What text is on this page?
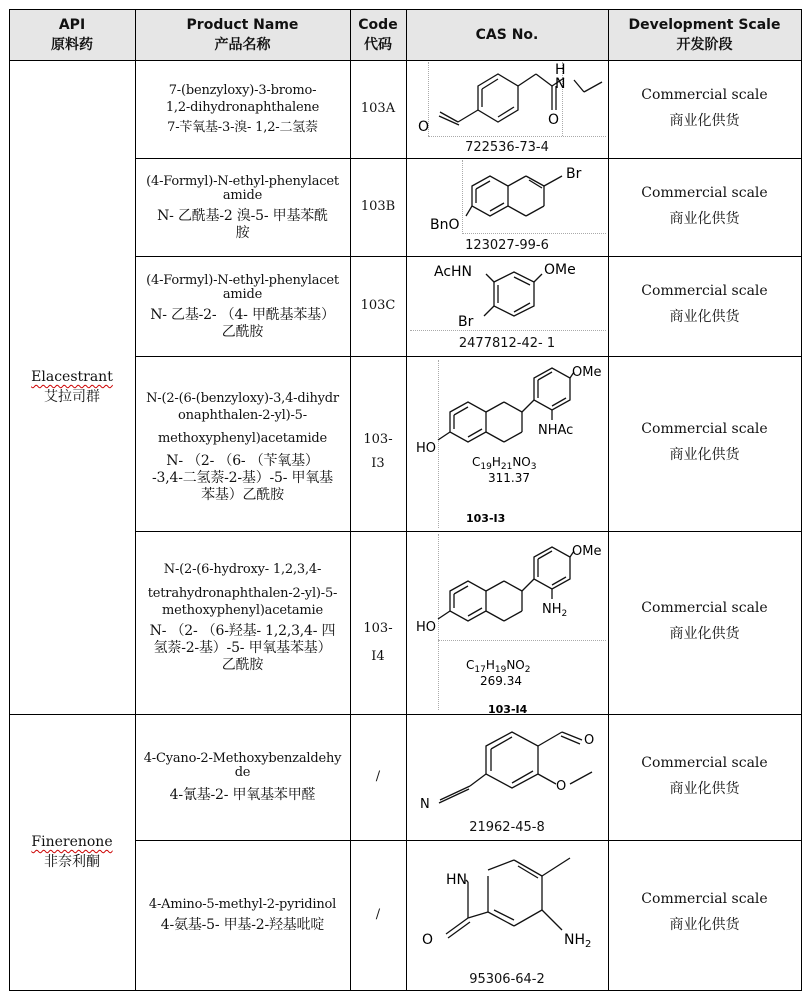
API
原料药
Product Name
产品名称
Code
代码
CAS No.
Development Scale
开发阶段
Elacestrant
艾拉司群
Finerenone
非奈利酮
7-(benzyloxy)-3-bromo-
1,2-dihydronaphthalene
7-苄氧基-3-溴- 1,2-二氢萘
103A
Commercial scale
商业化供货
(4-Formyl)-N-ethyl-phenylacet
amide
N- 乙酰基-2 溴-5- 甲基苯酰
胺
103B
Commercial scale
商业化供货
(4-Formyl)-N-ethyl-phenylacet
amide
N- 乙基-2- （4- 甲酰基苯基）
乙酰胺
103C
Commercial scale
商业化供货
N-(2-(6-(benzyloxy)-3,4-dihydr
onaphthalen-2-yl)-5-
methoxyphenyl)acetamide
N- （2- （6- （苄氧基）
-3,4-二氢萘-2-基）-5- 甲氧基
苯基）乙酰胺
103-
I3
Commercial scale
商业化供货
N-(2-(6-hydroxy- 1,2,3,4-
tetrahydronaphthalen-2-yl)-5-
methoxyphenyl)acetamie
N- （2- （6-羟基- 1,2,3,4- 四
氢萘-2-基）-5- 甲氧基苯基）
乙酰胺
103-
I4
Commercial scale
商业化供货
4-Cyano-2-Methoxybenzaldehy
de
4-氰基-2- 甲氧基苯甲醛
/
Commercial scale
商业化供货
4-Amino-5-methyl-2-pyridinol
4-氨基-5- 甲基-2-羟基吡啶
/
Commercial scale
商业化供货
722536-73-4
123027-99-6
2477812-42- 1
21962-45-8
95306-64-2
O
H
N
O
Br
BnO
AcHN	OMe
Br
OMe
HO
NHAc
$C_{19}H_{21}NO_3$
311.37
103-I3
OMe
HO
$NH_2$
$C_{17}H_{19}NO_2$
269.34
103-I4
O
O
N
HN
O	$NH_2$
